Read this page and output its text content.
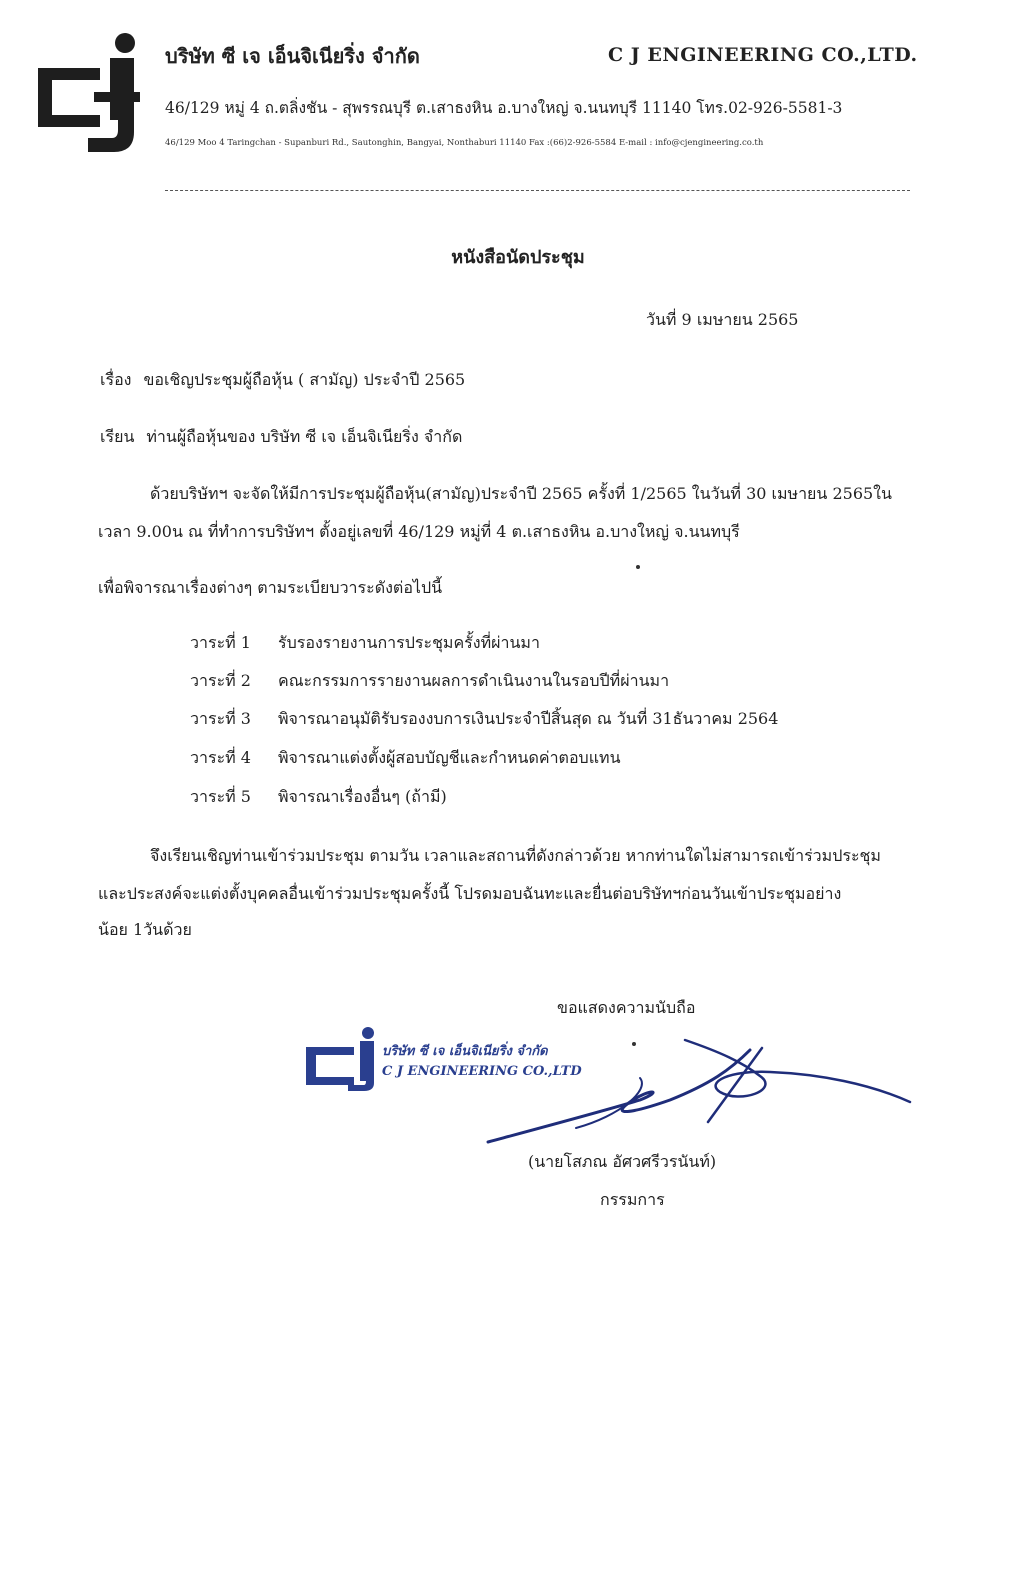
บริษัท ซี เจ เอ็นจิเนียริ่ง จำกัด	C J ENGINEERING CO.,LTD.
46/129 หมู่ 4 ถ.ตลิ่งชัน - สุพรรณบุรี ต.เสาธงหิน อ.บางใหญ่ จ.นนทบุรี 11140 โทร.02-926-5581-3
46/129 Moo 4 Taringchan - Supanburi Rd., Sautonghin, Bangyai, Nonthaburi 11140 Fax :(66)2-926-5584 E-mail : info@cjengineering.co.th
หนังสือนัดประชุม
วันที่ 9 เมษายน 2565
เรื่อง ขอเชิญประชุมผู้ถือหุ้น ( สามัญ) ประจำปี 2565
เรียน ท่านผู้ถือหุ้นของ บริษัท ซี เจ เอ็นจิเนียริ่ง จำกัด
ด้วยบริษัทฯ จะจัดให้มีการประชุมผู้ถือหุ้น(สามัญ)ประจำปี 2565 ครั้งที่ 1/2565 ในวันที่ 30 เมษายน 2565ใน
เวลา 9.00น ณ ที่ทำการบริษัทฯ ตั้งอยู่เลขที่ 46/129 หมู่ที่ 4 ต.เสาธงหิน อ.บางใหญ่ จ.นนทบุรี
เพื่อพิจารณาเรื่องต่างๆ ตามระเบียบวาระดังต่อไปนี้
วาระที่ 1 รับรองรายงานการประชุมครั้งที่ผ่านมา
วาระที่ 2 คณะกรรมการรายงานผลการดำเนินงานในรอบปีที่ผ่านมา
วาระที่ 3 พิจารณาอนุมัติรับรองงบการเงินประจำปีสิ้นสุด ณ วันที่ 31ธันวาคม 2564
วาระที่ 4 พิจารณาแต่งตั้งผู้สอบบัญชีและกำหนดค่าตอบแทน
วาระที่ 5 พิจารณาเรื่องอื่นๆ (ถ้ามี)
จึงเรียนเชิญท่านเข้าร่วมประชุม ตามวัน เวลาและสถานที่ดังกล่าวด้วย หากท่านใดไม่สามารถเข้าร่วมประชุม
และประสงค์จะแต่งตั้งบุคคลอื่นเข้าร่วมประชุมครั้งนี้ โปรดมอบฉันทะและยื่นต่อบริษัทฯก่อนวันเข้าประชุมอย่าง
น้อย 1วันด้วย
ขอแสดงความนับถือ
บริษัท ซี เจ เอ็นจิเนียริ่ง จำกัด
C J ENGINEERING CO.,LTD
(นายโสภณ อัศวศรีวรนันท์)
กรรมการ
